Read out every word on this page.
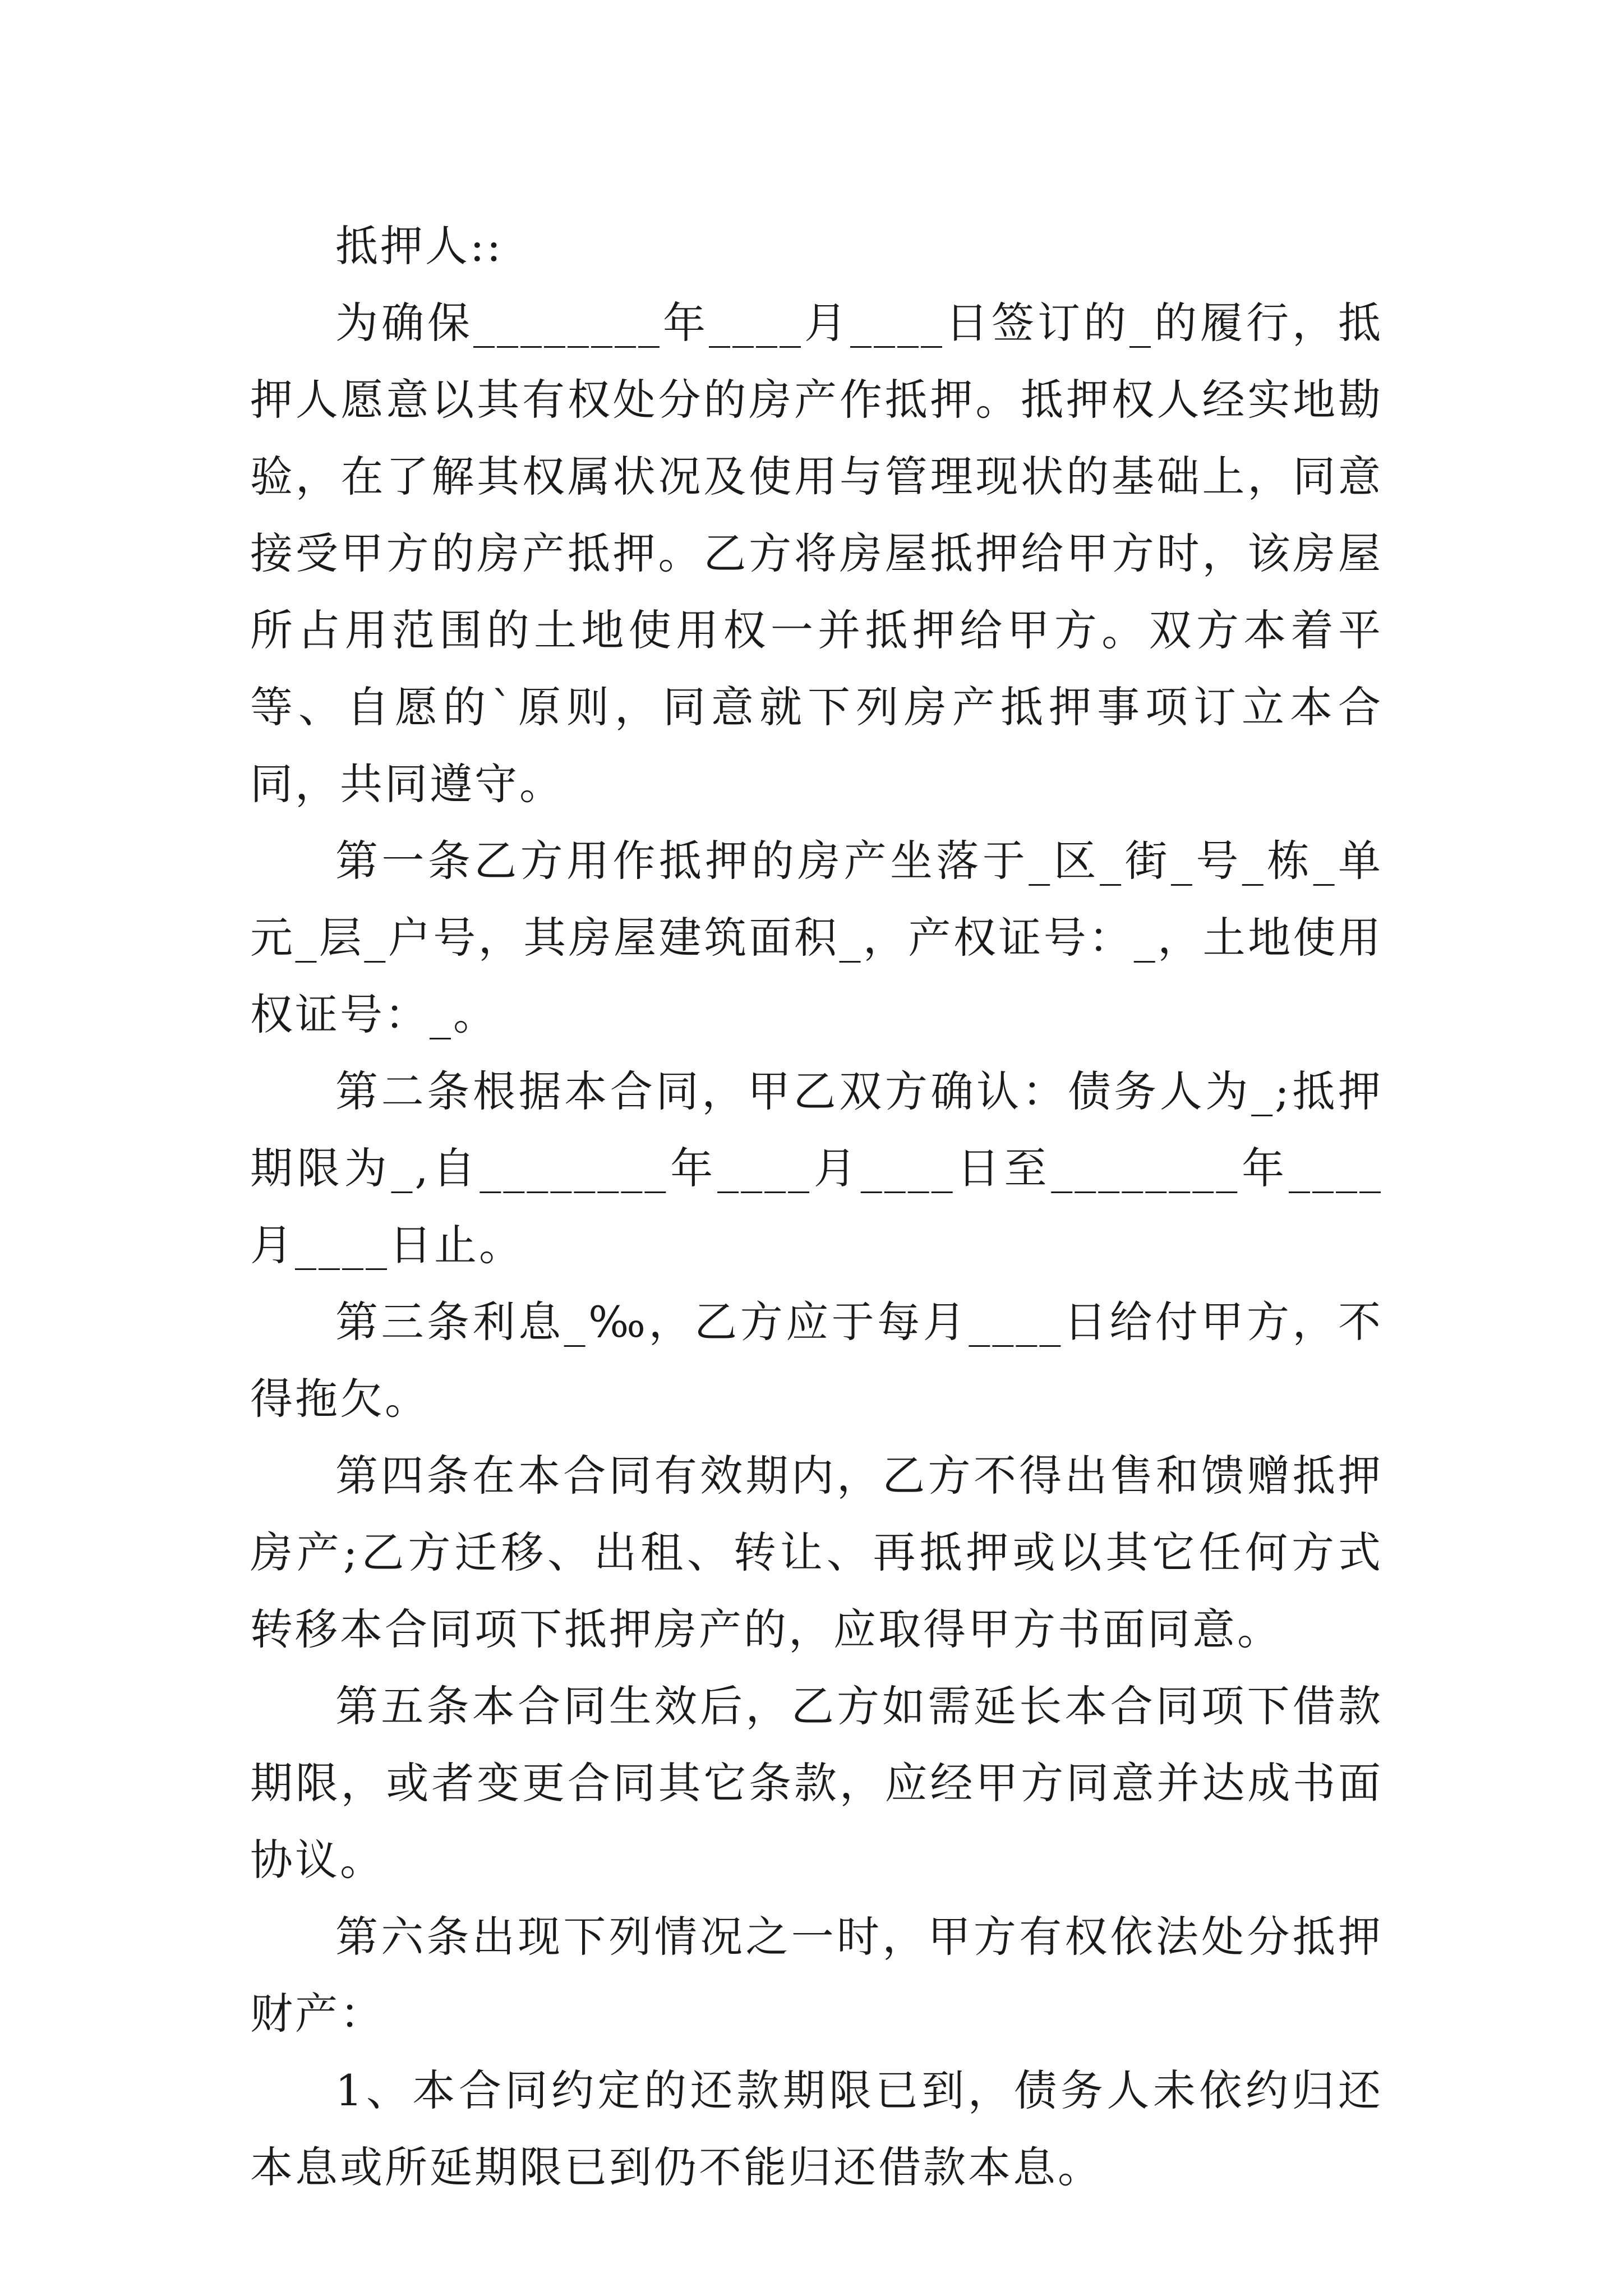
抵押人::

为确保________年____月____日签订的_的履行，抵押人愿意以其有权处分的房产作抵押。抵押权人经实地勘验，在了解其权属状况及使用与管理现状的基础上，同意接受甲方的房产抵押。乙方将房屋抵押给甲方时，该房屋所占用范围的土地使用权一并抵押给甲方。双方本着平等、自愿的`原则，同意就下列房产抵押事项订立本合同，共同遵守。

第一条乙方用作抵押的房产坐落于_区_街_号_栋_单元_层_户号，其房屋建筑面积_，产权证号：_，土地使用权证号：_。

第二条根据本合同，甲乙双方确认：债务人为_;抵押期限为_,自________年____月____日至________年____月____日止。

第三条利息_‰，乙方应于每月____日给付甲方，不得拖欠。

第四条在本合同有效期内，乙方不得出售和馈赠抵押房产;乙方迁移、出租、转让、再抵押或以其它任何方式转移本合同项下抵押房产的，应取得甲方书面同意。

第五条本合同生效后，乙方如需延长本合同项下借款期限，或者变更合同其它条款，应经甲方同意并达成书面协议。

第六条出现下列情况之一时，甲方有权依法处分抵押财产：

1、本合同约定的还款期限已到，债务人未依约归还本息或所延期限已到仍不能归还借款本息。
